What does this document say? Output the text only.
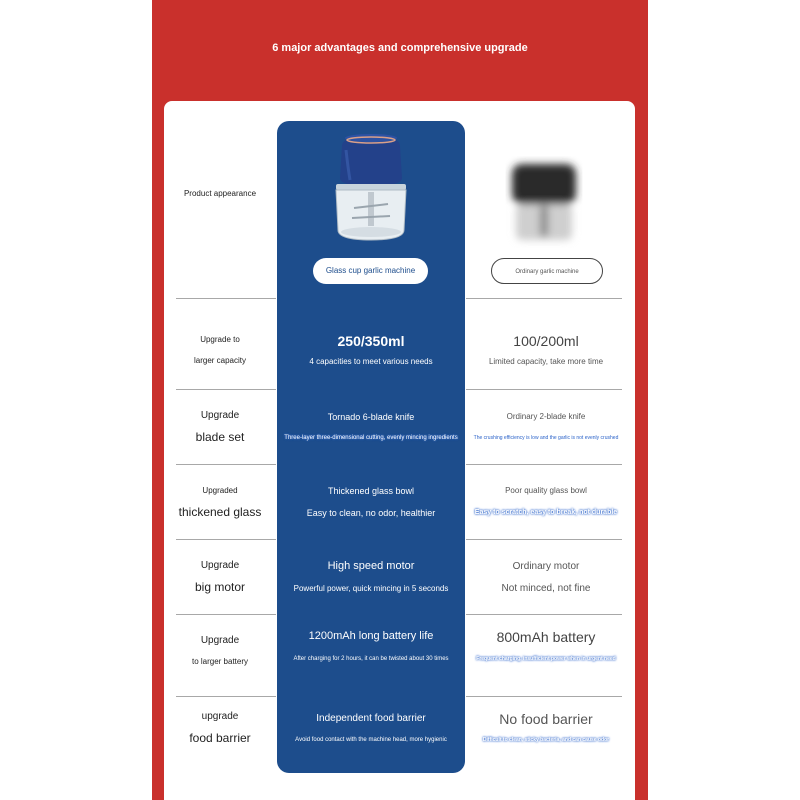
6 major advantages and comprehensive upgrade
Product appearance
Glass cup garlic machine	Ordinary garlic machine
Upgrade to
larger capacity
250/350ml
4 capacities to meet various needs
100/200ml
Limited capacity, take more time
Upgrade
blade set
Tornado 6-blade knife
Three-layer three-dimensional cutting, evenly mincing ingredients
Ordinary 2-blade knife
The crushing efficiency is low and the garlic is not evenly crushed
Upgraded
thickened glass
Thickened glass bowl
Easy to clean, no odor, healthier
Poor quality glass bowl
Easy to scratch, easy to break, not durable
Upgrade
big motor
High speed motor
Powerful power, quick mincing in 5 seconds
Ordinary motor
Not minced, not fine
Upgrade
to larger battery
1200mAh long battery life
After charging for 2 hours, it can be twisted about 30 times
800mAh battery
Frequent charging, insufficient power when in urgent need
upgrade
food barrier
Independent food barrier
Avoid food contact with the machine head, more hygienic
No food barrier
Difficult to clean, sticky bacteria, and can cause odor
